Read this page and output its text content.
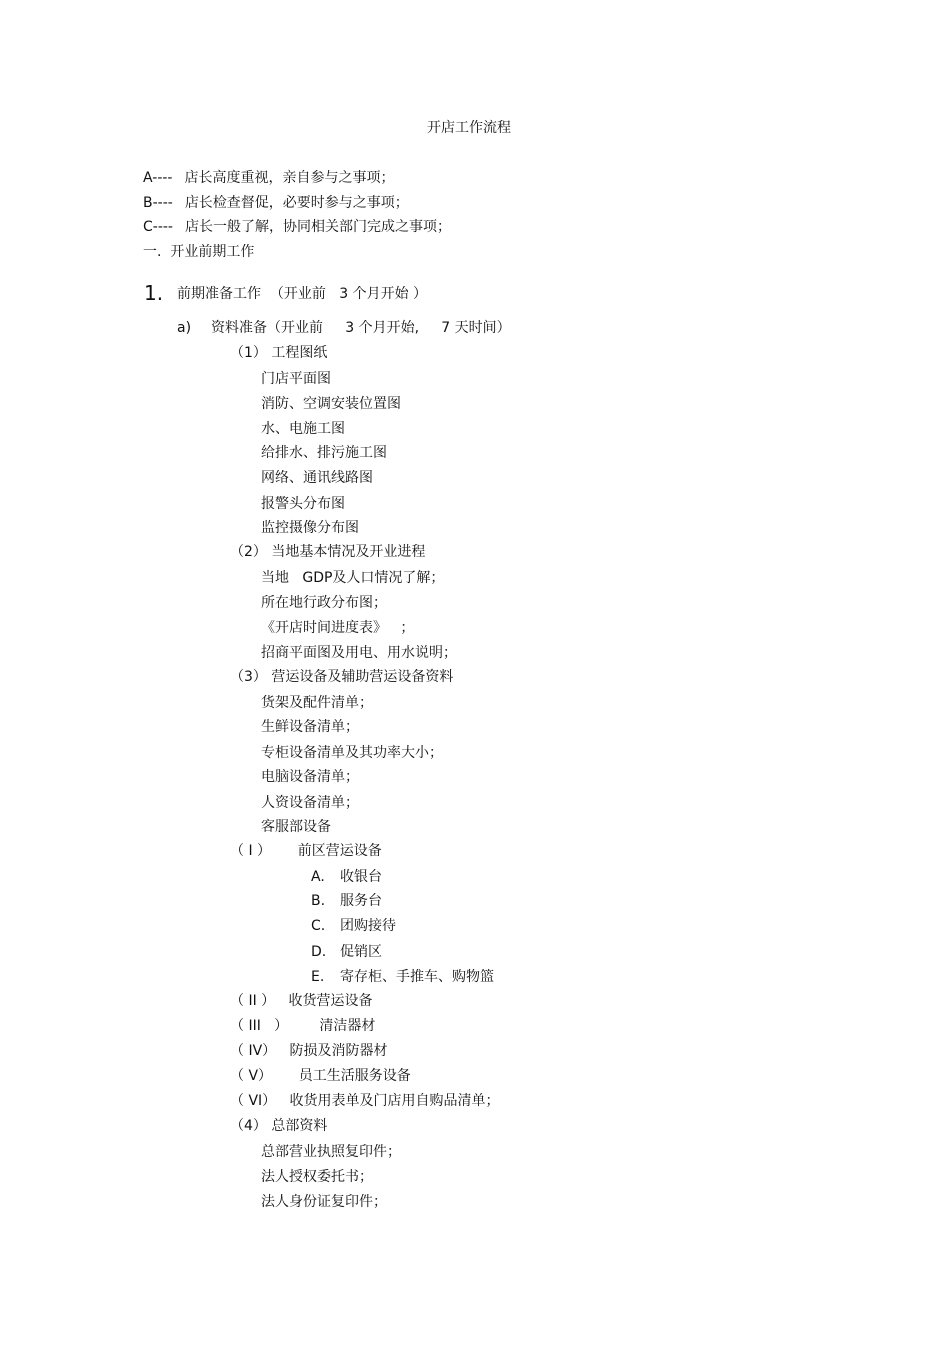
开店工作流程
A---- 店长高度重视，亲自参与之事项；
B---- 店长检查督促，必要时参与之事项；
C---- 店长一般了解，协同相关部门完成之事项；
一.  开业前期工作
1. 前期准备工作  （开业前   3 个月开始 ）
a) 资料准备（开业前     3 个月开始,     7 天时间）
（1） 工程图纸
门店平面图
消防、空调安装位置图
水、电施工图
给排水、排污施工图
网络、通讯线路图
报警头分布图
监控摄像分布图
（2） 当地基本情况及开业进程
当地   GDP及人口情况了解；
所在地行政分布图；
《开店时间进度表》   ；
招商平面图及用电、用水说明；
（3） 营运设备及辅助营运设备资料
货架及配件清单；
生鲜设备清单；
专柜设备清单及其功率大小；
电脑设备清单；
人资设备清单；
客服部设备
（ I ）      前区营运设备
A. 收银台
B. 服务台
C. 团购接待
D. 促销区
E. 寄存柜、手推车、购物篮
（ II ）   收货营运设备
（ III   ）       清洁器材
（ IV）   防损及消防器材
（ V）      员工生活服务设备
（ VI）   收货用表单及门店用自购品清单；
（4） 总部资料
总部营业执照复印件；
法人授权委托书；
法人身份证复印件；
